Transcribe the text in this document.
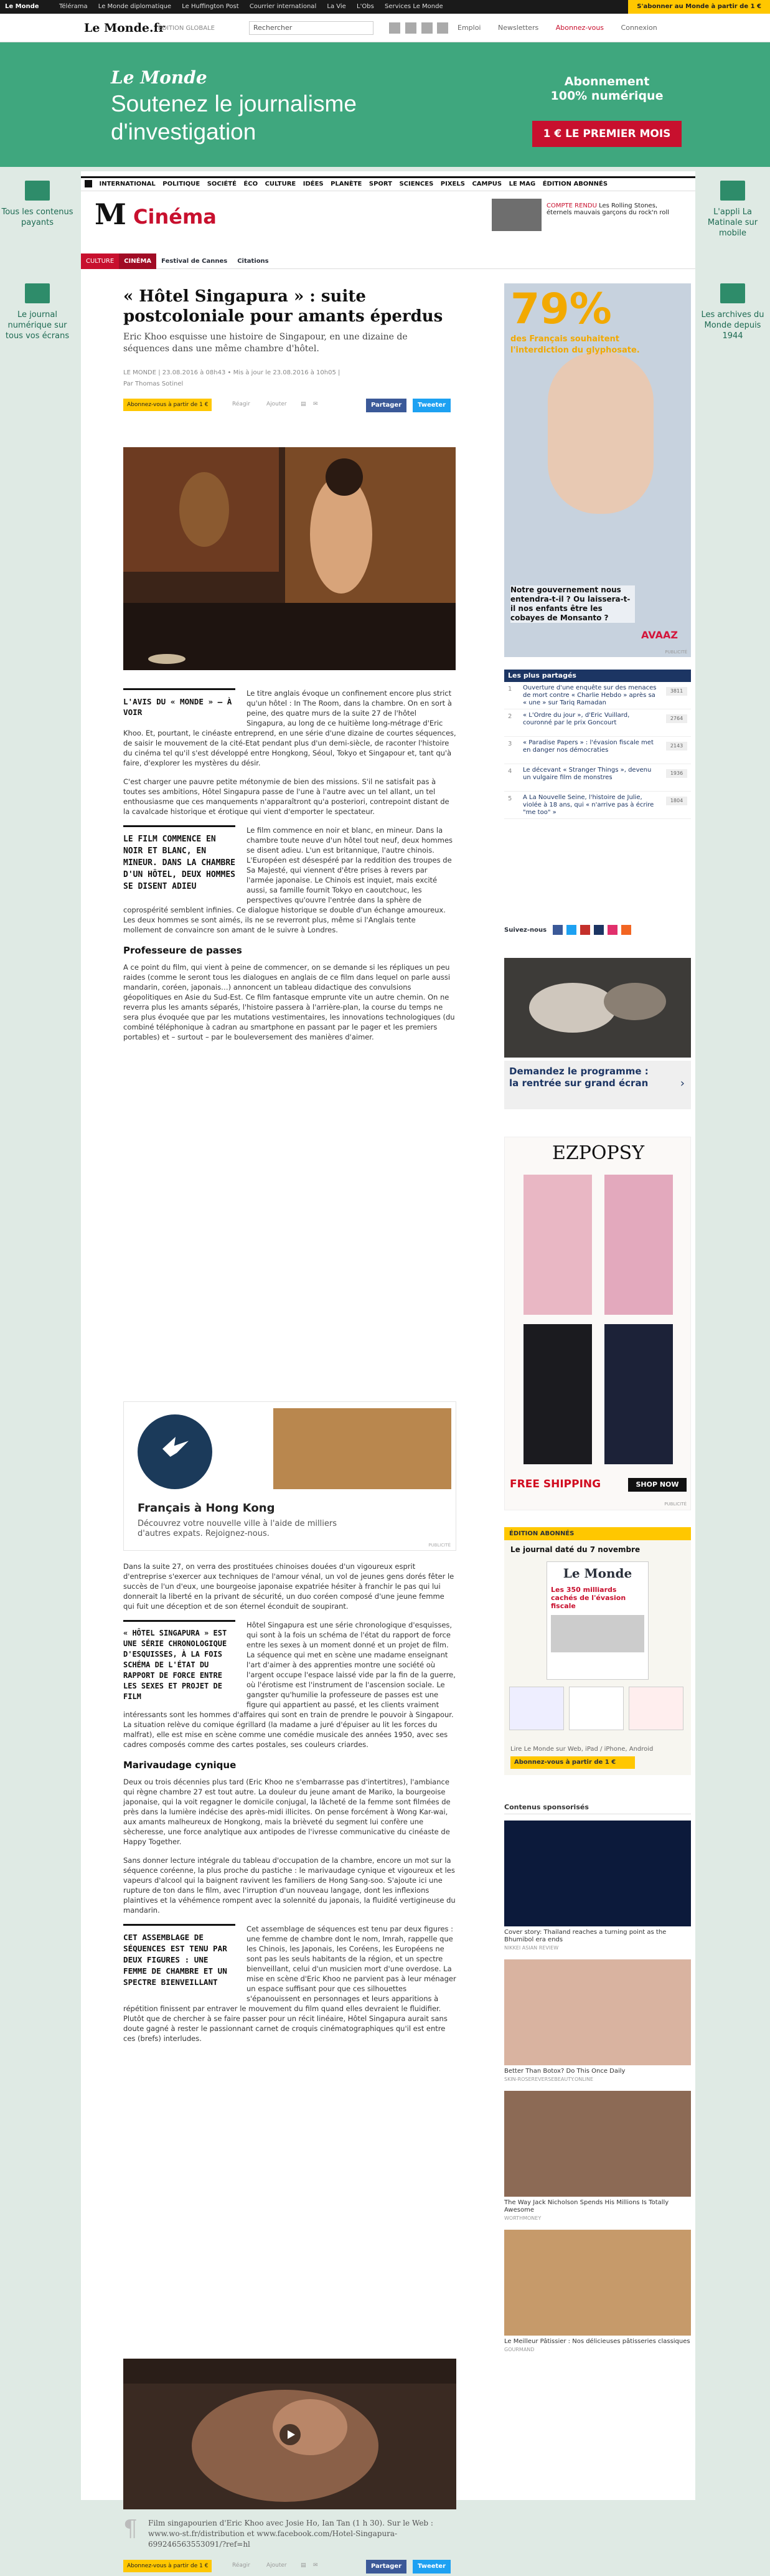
Le Monde	Télérama Le Monde diplomatique Le Huffington Post Courrier international La Vie L'Obs Services Le Monde	S'abonner au Monde à partir de 1 €
Le Monde.fr
ÉDITION GLOBALE	Rechercher
	Emploi	Newsletters	Abonnez-vous	Connexion
Le Monde
Soutenez le journalisme
d'investigation
Abonnement
100% numérique
1 € LE PREMIER MOIS
Tous les contenus payants
Le journal numérique sur tous vos écrans
L'appli La Matinale sur mobile
Les archives du Monde depuis 1944
INTERNATIONAL POLITIQUE SOCIÉTÉ ÉCO CULTURE IDÉES PLANÈTE SPORT SCIENCES PIXELS CAMPUS LE MAG ÉDITION ABONNÉS
M Cinéma	COMPTE RENDU Les Rolling Stones, éternels mauvais garçons du rock'n roll
CULTURE CINÉMA Festival de Cannes Citations
« Hôtel Singapura » : suite postcoloniale pour amants éperdus

Eric Khoo esquisse une histoire de Singapour, en une dizaine de séquences dans une même chambre d'hôtel.

LE MONDE | 23.08.2016 à 08h43 • Mis à jour le 23.08.2016 à 10h05 |

Par Thomas Sotinel

Abonnez-vous à partir de 1 €	Réagir	Ajouter ▤ ✉	Partager	Tweeter
L'AVIS DU « MONDE » – À VOIR

Le titre anglais évoque un confinement encore plus strict qu'un hôtel : In The Room, dans la chambre. On en sort à peine, des quatre murs de la suite 27 de l'hôtel Singapura, au long de ce huitième long-métrage d'Eric Khoo. Et, pourtant, le cinéaste entreprend, en une série d'une dizaine de courtes séquences, de saisir le mouvement de la cité-Etat pendant plus d'un demi-siècle, de raconter l'histoire du cinéma tel qu'il s'est développé entre Hongkong, Séoul, Tokyo et Singapour et, tant qu'à faire, d'explorer les mystères du désir.

C'est charger une pauvre petite métonymie de bien des missions. S'il ne satisfait pas à toutes ses ambitions, Hôtel Singapura passe de l'une à l'autre avec un tel allant, un tel enthousiasme que ces manquements n'apparaîtront qu'a posteriori, contrepoint distant de la cavalcade historique et érotique qui vient d'emporter le spectateur.

LE FILM COMMENCE EN NOIR ET BLANC, EN MINEUR. DANS LA CHAMBRE D'UN HÔTEL, DEUX HOMMES SE DISENT ADIEU

Le film commence en noir et blanc, en mineur. Dans la chambre toute neuve d'un hôtel tout neuf, deux hommes se disent adieu. L'un est britannique, l'autre chinois. L'Européen est désespéré par la reddition des troupes de Sa Majesté, qui viennent d'être prises à revers par l'armée japonaise. Le Chinois est inquiet, mais excité aussi, sa famille fournit Tokyo en caoutchouc, les perspectives qu'ouvre l'entrée dans la sphère de coprospérité semblent infinies. Ce dialogue historique se double d'un échange amoureux. Les deux hommes se sont aimés, ils ne se reverront plus, même si l'Anglais tente mollement de convaincre son amant de le suivre à Londres.

Professeure de passes

A ce point du film, qui vient à peine de commencer, on se demande si les répliques un peu raides (comme le seront tous les dialogues en anglais de ce film dans lequel on parle aussi mandarin, coréen, japonais…) annoncent un tableau didactique des convulsions géopolitiques en Asie du Sud-Est. Ce film fantasque emprunte vite un autre chemin. On ne reverra plus les amants séparés, l'histoire passera à l'arrière-plan, la course du temps ne sera plus évoquée que par les mutations vestimentaires, les innovations technologiques (du combiné téléphonique à cadran au smartphone en passant par le pager et les premiers portables) et – surtout – par le bouleversement des manières d'aimer.

Français à Hong Kong
Découvrez votre nouvelle ville à l'aide de milliers d'autres expats. Rejoignez-nous.
PUBLICITÉ

Dans la suite 27, on verra des prostituées chinoises douées d'un vigoureux esprit d'entreprise s'exercer aux techniques de l'amour vénal, un vol de jeunes gens dorés fêter le succès de l'un d'eux, une bourgeoise japonaise expatriée hésiter à franchir le pas qui lui donnerait la liberté en la privant de sécurité, un duo coréen composé d'une jeune femme qui fuit une déception et de son éternel éconduit de soupirant.

« HÔTEL SINGAPURA » EST UNE SÉRIE CHRONOLOGIQUE D'ESQUISSES, À LA FOIS SCHÉMA DE L'ÉTAT DU RAPPORT DE FORCE ENTRE LES SEXES ET PROJET DE FILM

Hôtel Singapura est une série chronologique d'esquisses, qui sont à la fois un schéma de l'état du rapport de force entre les sexes à un moment donné et un projet de film. La séquence qui met en scène une madame enseignant l'art d'aimer à des apprenties montre une société où l'argent occupe l'espace laissé vide par la fin de la guerre, où l'érotisme est l'instrument de l'ascension sociale. Le gangster qu'humilie la professeure de passes est une figure qui appartient au passé, et les clients vraiment intéressants sont les hommes d'affaires qui sont en train de prendre le pouvoir à Singapour. La situation relève du comique égrillard (la madame a juré d'épuiser au lit les forces du malfrat), elle est mise en scène comme une comédie musicale des années 1950, avec ses cadres composés comme des cartes postales, ses couleurs criardes.

Marivaudage cynique

Deux ou trois décennies plus tard (Eric Khoo ne s'embarrasse pas d'intertitres), l'ambiance qui règne chambre 27 est tout autre. La douleur du jeune amant de Mariko, la bourgeoise japonaise, qui la voit regagner le domicile conjugal, la lâcheté de la femme sont filmées de près dans la lumière indécise des après-midi illicites. On pense forcément à Wong Kar-wai, aux amants malheureux de Hongkong, mais la brièveté du segment lui confère une sècheresse, une force analytique aux antipodes de l'ivresse communicative du cinéaste de Happy Together.

Sans donner lecture intégrale du tableau d'occupation de la chambre, encore un mot sur la séquence coréenne, la plus proche du pastiche : le marivaudage cynique et vigoureux et les vapeurs d'alcool qui la baignent ravivent les familiers de Hong Sang-soo. S'ajoute ici une rupture de ton dans le film, avec l'irruption d'un nouveau langage, dont les inflexions plaintives et la véhémence rompent avec la solennité du japonais, la fluidité vertigineuse du mandarin.

CET ASSEMBLAGE DE SÉQUENCES EST TENU PAR DEUX FIGURES : UNE FEMME DE CHAMBRE ET UN SPECTRE BIENVEILLANT

Cet assemblage de séquences est tenu par deux figures : une femme de chambre dont le nom, Imrah, rappelle que les Chinois, les Japonais, les Coréens, les Européens ne sont pas les seuls habitants de la région, et un spectre bienveillant, celui d'un musicien mort d'une overdose. La mise en scène d'Eric Khoo ne parvient pas à leur ménager un espace suffisant pour que ces silhouettes s'épanouissent en personnages et leurs apparitions à répétition finissent par entraver le mouvement du film quand elles devraient le fluidifier. Plutôt que de chercher à se faire passer pour un récit linéaire, Hôtel Singapura aurait sans doute gagné à rester le passionnant carnet de croquis cinématographiques qu'il est entre ces (brefs) interludes.

¶ Film singapourien d'Eric Khoo avec Josie Ho, Ian Tan (1 h 30). Sur le Web : www.wo-st.fr/distribution et www.facebook.com/Hotel-Singapura-699246563553091/?ref=hl

Abonnez-vous à partir de 1 €	Réagir	Ajouter ▤ ✉	Partager	Tweeter
79%
des Français souhaitent
l'interdiction du glyphosate.
Notre gouvernement nous entendra-t-il ? Ou laissera-t-il nos enfants être les cobayes de Monsanto ?
AVAAZ
PUBLICITÉ
Les plus partagés
1 Ouverture d'une enquête sur des menaces de mort contre « Charlie Hebdo » après sa « une » sur Tariq Ramadan
3811
2 « L'Ordre du jour », d'Eric Vuillard, couronné par le prix Goncourt
2764
3 « Paradise Papers » : l'évasion fiscale met en danger nos démocraties
2143
4 Le décevant « Stranger Things », devenu un vulgaire film de monstres
1936
5 A La Nouvelle Seine, l'histoire de Julie, violée à 18 ans, qui « n'arrive pas à écrire "me too" »
1804
Suivez-nous
Demandez le programme : la rentrée sur grand écran	›
EZPOPSY
FREE SHIPPING	SHOP NOW
PUBLICITÉ
ÉDITION ABONNÉS
Le journal daté du 7 novembre
Le Monde
Les 350 milliards cachés de l'évasion fiscale
Lire Le Monde sur Web, iPad / iPhone, Android
Abonnez-vous à partir de 1 €
Contenus sponsorisés
Cover story: Thailand reaches a turning point as the Bhumibol era ends
NIKKEI ASIAN REVIEW
Better Than Botox? Do This Once Daily
SKIN-ROSEREVERSEBEAUTY.ONLINE
The Way Jack Nicholson Spends His Millions Is Totally Awesome
WORTHMONEY
Le Meilleur Pâtissier : Nos délicieuses pâtisseries classiques
GOURMAND
